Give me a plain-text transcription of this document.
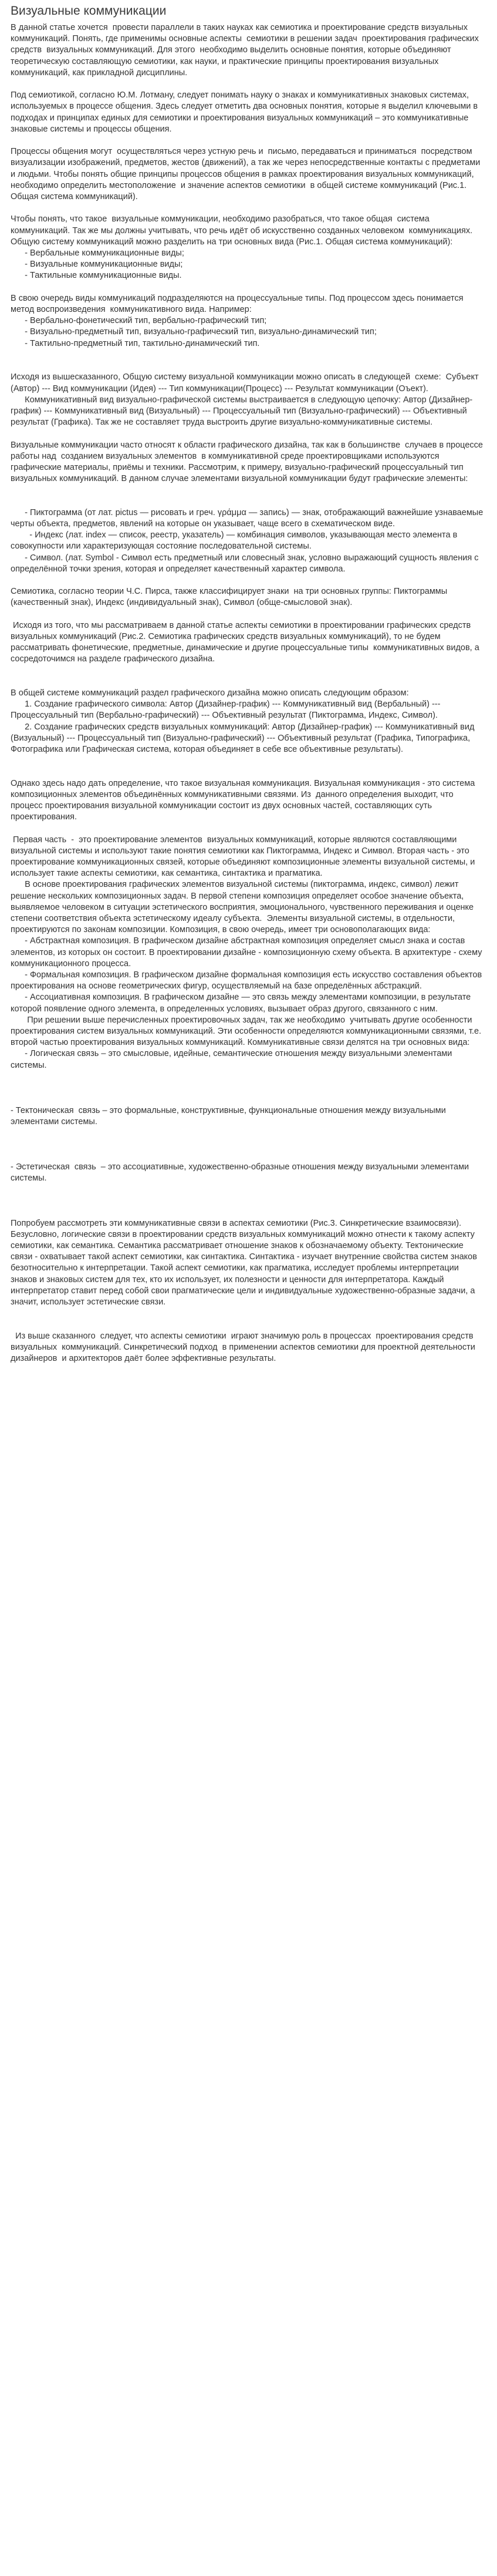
Визуальные коммуникации

В данной статье хочется  провести параллели в таких науках как семиотика и проектирование средств визуальных коммуникаций. Понять, где применимы основные аспекты  семиотики в решении задач  проектирования графических средств  визуальных коммуникаций. Для этого  необходимо выделить основные понятия, которые объединяют теоретическую составляющую семиотики, как науки, и практические принципы проектирования визуальных коммуникаций, как прикладной дисциплины.

Под семиотикой, согласно Ю.М. Лотману, следует понимать науку о знаках и коммуникативных знаковых системах, используемых в процессе общения. Здесь следует отметить два основных понятия, которые я выделил ключевыми в подходах и принципах единых для семиотики и проектирования визуальных коммуникаций – это коммуникативные знаковые системы и процессы общения.

Процессы общения могут  осуществляться через устную речь и  письмо, передаваться и приниматься  посредством визуализации изображений, предметов, жестов (движений), а так же через непосредственные контакты с предметами и людьми. Чтобы понять общие принципы процессов общения в рамках проектирования визуальных коммуникаций, необходимо определить местоположение  и значение аспектов семиотики  в общей системе коммуникаций (Рис.1. Общая система коммуникаций).

Чтобы понять, что такое  визуальные коммуникации, необходимо разобраться, что такое общая  система коммуникаций. Так же мы должны учитывать, что речь идёт об искусственно созданных человеком  коммуникациях. Общую систему коммуникаций можно разделить на три основных вида (Рис.1. Общая система коммуникаций):
- Вербальные коммуникационные виды;
- Визуальные коммуникационные виды;
- Тактильные коммуникационные виды.

В свою очередь виды коммуникаций подразделяются на процессуальные типы. Под процессом здесь понимается метод воспроизведения  коммуникативного вида. Например:
- Вербально-фонетический тип, вербально-графический тип;
- Визуально-предметный тип, визуально-графический тип, визуально-динамический тип;
- Тактильно-предметный тип, тактильно-динамический тип.

Исходя из вышесказанного, Общую систему визуальной коммуникации можно описать в следующей  схеме:  Субъект (Автор) --- Вид коммуникации (Идея) --- Тип коммуникации(Процесс) --- Результат коммуникации (Оъект).
Коммуникативный вид визуально-графической системы выстраивается в следующую цепочку: Автор (Дизайнер-график) --- Коммуникативный вид (Визуальный) --- Процессуальный тип (Визуально-графический) --- Объективный результат (Графика). Так же не составляет труда выстроить другие визуально-коммуникативные системы.

Визуальные коммуникации часто относят к области графического дизайна, так как в большинстве  случаев в процессе работы над  созданием визуальных элементов  в коммуникативной среде проектировщиками используются графические материалы, приёмы и техники. Рассмотрим, к примеру, визуально-графический процессуальный тип визуальных коммуникаций. В данном случае элементами визуальной коммуникации будут графические элементы:

- Пиктограмма (от лат. pictus — рисовать и греч. γράμμα — запись) — знак, отображающий важнейшие узнаваемые черты объекта, предметов, явлений на которые он указывает, чаще всего в схематическом виде.
- Индекс (лат. index — список, реестр, указатель) — комбинация символов, указывающая место элемента в совокупности или характеризующая состояние последовательной системы.
- Символ. (лат. Symbol - Символ есть предметный или словесный знак, условно выражающий сущность явления с определённой точки зрения, которая и определяет качественный характер символа.

Семиотика, согласно теории Ч.С. Пирса, также классифицирует знаки  на три основных группы: Пиктограммы (качественный знак), Индекс (индивидуальный знак), Символ (обще-смысловой знак).

Исходя из того, что мы рассматриваем в данной статье аспекты семиотики в проектировании графических средств визуальных коммуникаций (Рис.2. Семиотика графических средств визуальных коммуникаций), то не будем рассматривать фонетические, предметные, динамические и другие процессуальные типы  коммуникативных видов, а сосредоточимся на разделе графического дизайна.

В общей системе коммуникаций раздел графического дизайна можно описать следующим образом:
1. Создание графического символа: Автор (Дизайнер-график) --- Коммуникативный вид (Вербальный) --- Процессуальный тип (Вербально-графический) --- Объективный результат (Пиктограмма, Индекс, Символ).
2. Создание графических средств визуальных коммуникаций: Автор (Дизайнер-график) --- Коммуникативный вид (Визуальный) --- Процессуальный тип (Визуально-графический) --- Объективный результат (Графика, Типографика, Фотографика или Графическая система, которая объединяет в себе все объективные результаты).

Однако здесь надо дать определение, что такое визуальная коммуникация. Визуальная коммуникация - это система композиционных элементов объединённых коммуникативными связями. Из  данного определения выходит, что процесс проектирования визуальной коммуникации состоит из двух основных частей, составляющих суть проектирования.

Первая часть  -  это проектирование элементов  визуальных коммуникаций, которые являются составляющими визуальной системы и используют такие понятия семиотики как Пиктограмма, Индекс и Символ. Вторая часть - это проектирование коммуникационных связей, которые объединяют композиционные элементы визуальной системы, и использует такие аспекты семиотики, как семантика, синтактика и прагматика.
В основе проектирования графических элементов визуальной системы (пиктограмма, индекс, символ) лежит  решение нескольких композиционных задач. В первой степени композиция определяет особое значение объекта, выявляемое человеком в ситуации эстетического восприятия, эмоционального, чувственного переживания и оценке степени соответствия объекта эстетическому идеалу субъекта.  Элементы визуальной системы, в отдельности, проектируются по законам композиции. Композиция, в свою очередь, имеет три основополагающих вида:
- Абстрактная композиция. В графическом дизайне абстрактная композиция определяет смысл знака и состав элементов, из которых он состоит. В проектировании дизайне - композиционную схему объекта. В архитектуре - схему коммуникационного процесса.
- Формальная композиция. В графическом дизайне формальная композиция есть искусство составления объектов проектирования на основе геометрических фигур, осуществляемый на базе определённых абстракций.
- Ассоциативная композиция. В графическом дизайне — это связь между элементами композиции, в результате которой появление одного элемента, в определенных условиях, вызывает образ другого, связанного с ним.
При решении выше перечисленных проектировочных задач, так же необходимо  учитывать другие особенности проектирования систем визуальных коммуникаций. Эти особенности определяются коммуникационными связями, т.е. второй частью проектирования визуальных коммуникаций. Коммуникативные связи делятся на три основных вида:
- Логическая связь – это смысловые, идейные, семантические отношения между визуальными элементами системы.

- Тектоническая  связь – это формальные, конструктивные, функциональные отношения между визуальными элементами системы.

- Эстетическая  связь  – это ассоциативные, художественно-образные отношения между визуальными элементами системы.

Попробуем рассмотреть эти коммуникативные связи в аспектах семиотики (Рис.3. Синкретические взаимосвязи). Безусловно, логические связи в проектировании средств визуальных коммуникаций можно отнести к такому аспекту семиотики, как семантика. Семантика рассматривает отношение знаков к обозначаемому объекту. Тектонические связи - охватывает такой аспект семиотики, как синтактика. Синтактика - изучает внутренние свойства систем знаков безотносительно к интерпретации. Такой аспект семиотики, как прагматика, исследует проблемы интерпретации знаков и знаковых систем для тех, кто их использует, их полезности и ценности для интерпретатора. Каждый интерпретатор ставит перед собой свои прагматические цели и индивидуальные художественно-образные задачи, а значит, использует эстетические связи.

Из выше сказанного  следует, что аспекты семиотики  играют значимую роль в процессах  проектирования средств визуальных  коммуникаций. Синкретический подход  в применении аспектов семиотики для проектной деятельности дизайнеров  и архитекторов даёт более эффективные результаты.
